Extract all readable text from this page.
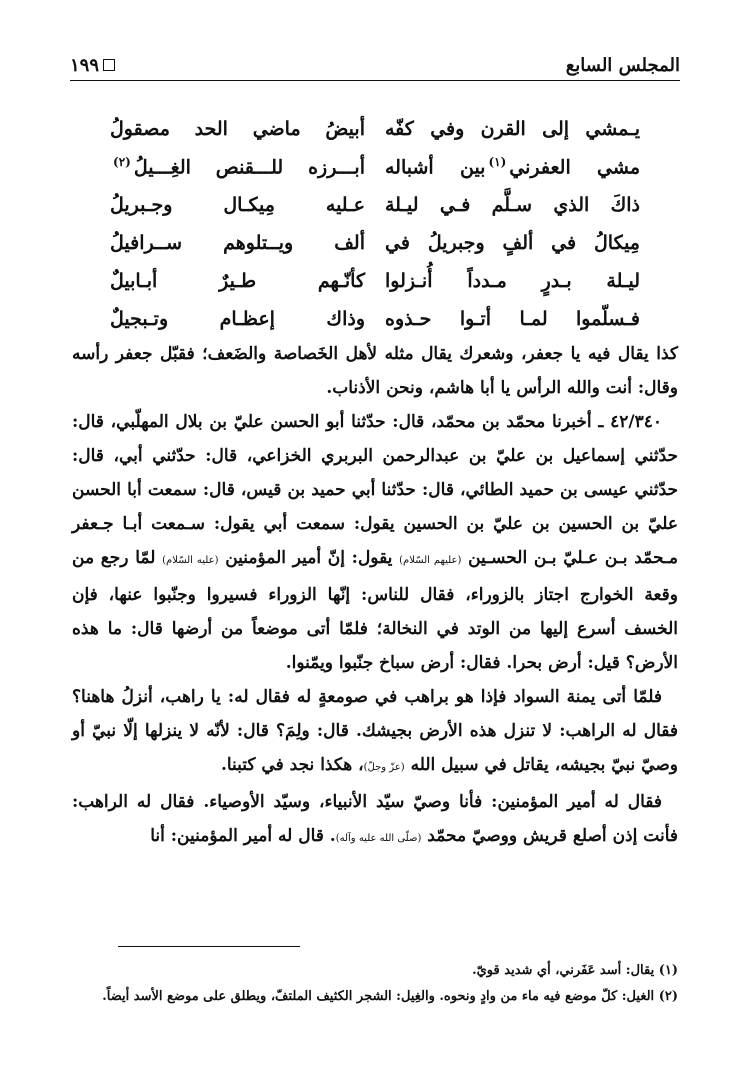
المجلس السابع
١٩٩
يـمشي إلى القرن وفي كفّه
أبيضُ ماضي الحد مصقولُ
مشي العفرني$^{(١)}$بين أشباله
أبـــرزه للـــقنص الغِـــيلُ$^{(٢)}$
ذاكَ الذي سـلَّم فـي ليـلة
عـليه مِيكـال وجـبريلُ
مِيكالُ في ألفٍ وجبريلُ في
ألف ويــتلوهم ســرافيلُ
ليـلة بـدرٍ مـدداً أُنـزلوا
كأنّـهم طـيرٌ أبـابيلٌ
فـسلّموا لمـا أتـوا حـذوه
وذاك إعظـام وتـبجيلٌ

كذا يقال فيه يا جعفر، وشعرك يقال مثله لأهل الخَصاصة والضَعف؛ فقبّل جعفر رأسه وقال: أنت والله الرأس يا أبا هاشم، ونحن الأذناب.

٤٢/٣٤٠ ـ أخبرنا محمّد بن محمّد، قال: حدّثنا أبو الحسن عليّ بن بلال المهلّبي، قال: حدّثني إسماعيل بن عليّ بن عبدالرحمن البربري الخزاعي، قال: حدّثني أبي، قال: حدّثني عيسى بن حميد الطائي، قال: حدّثنا أبي حميد بن قيس، قال: سمعت أبا الحسن عليّ بن الحسين بن عليّ بن الحسين يقول: سمعت أبي يقول: سـمعت أبـا جـعفر مـحمّد بـن عـليّ بـن الحسـين (عليهم السّلام) يقول: إنّ أمير المؤمنين (عليه السّلام) لمّا رجع من وقعة الخوارج اجتاز بالزوراء، فقال للناس: إنّها الزوراء فسيروا وجنّبوا عنها، فإن الخسف أسرع إليها من الوتد في النخالة؛ فلمّا أتى موضعاً من أرضها قال: ما هذه الأرض؟ قيل: أرض بحرا. فقال: أرض سباخ جنّبوا ويمّنوا.

فلمّا أتى يمنة السواد فإذا هو براهب في صومعةٍ له فقال له: يا راهب، أنزلُ هاهنا؟ فقال له الراهب: لا تنزل هذه الأرض بجيشك. قال: ولِمَ؟ قال: لأنّه لا ينزلها إلّا نبيّ أو وصيّ نبيّ بجيشه، يقاتل في سبيل الله (عزّ وجلّ)، هكذا نجد في كتبنا.

فقال له أمير المؤمنين: فأنا وصيّ سيّد الأنبياء، وسيّد الأوصياء. فقال له الراهب: فأنت إذن أصلع قريش ووصيّ محمّد (صلّى الله عليه وآله). قال له أمير المؤمنين: أنا

(١) يقال: أسد عَفَرني، أي شديد قويّ.

(٢) الغيل: كلّ موضع فيه ماء من وادٍ ونحوه. والغِيل: الشجر الكثيف الملتفّ، ويطلق على موضع الأسد أيضاً.
